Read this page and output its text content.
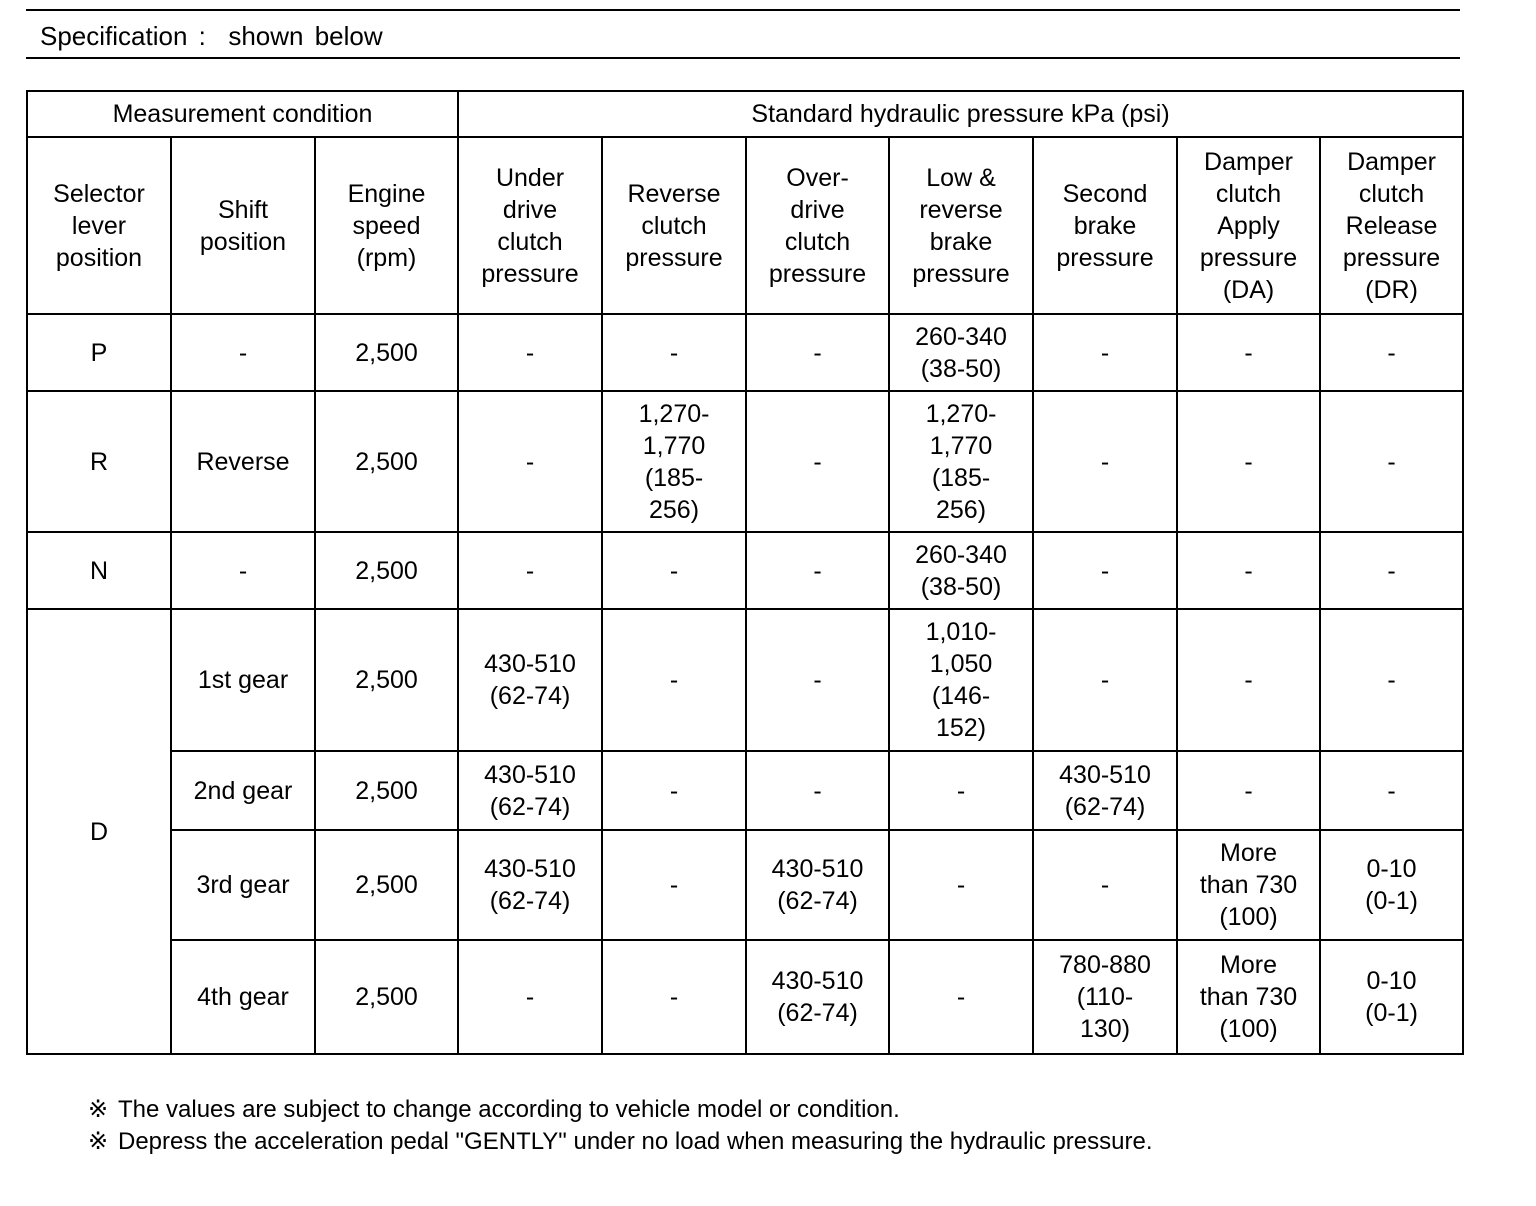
Specification :  shown below
Measurement condition			Standard hydraulic pressure kPa (psi)						
Selector
lever
position	Shift
position	Engine
speed
(rpm)	Under
drive
clutch
pressure	Reverse
clutch
pressure	Over-
drive
clutch
pressure	Low &
reverse
brake
pressure	Second
brake
pressure	Damper
clutch
Apply
pressure
(DA)	Damper
clutch
Release
pressure
(DR)
P	-	2,500	-	-	-	260-340
(38-50)	-	-	-
R	Reverse	2,500	-	1,270-
1,770
(185-
256)	-	1,270-
1,770
(185-
256)	-	-	-
N	-	2,500	-	-	-	260-340
(38-50)	-	-	-
D	1st gear	2,500	430-510
(62-74)	-	-	1,010-
1,050
(146-
152)	-	-	-
	2nd gear	2,500	430-510
(62-74)	-	-	-	430-510
(62-74)	-	-
	3rd gear	2,500	430-510
(62-74)	-	430-510
(62-74)	-	-	More
than 730
(100)	0-10
(0-1)
	4th gear	2,500	-	-	430-510
(62-74)	-	780-880
(110-
130)	More
than 730
(100)	0-10
(0-1)
※ The values are subject to change according to vehicle model or condition.
※ Depress the acceleration pedal "GENTLY" under no load when measuring the hydraulic pressure.
